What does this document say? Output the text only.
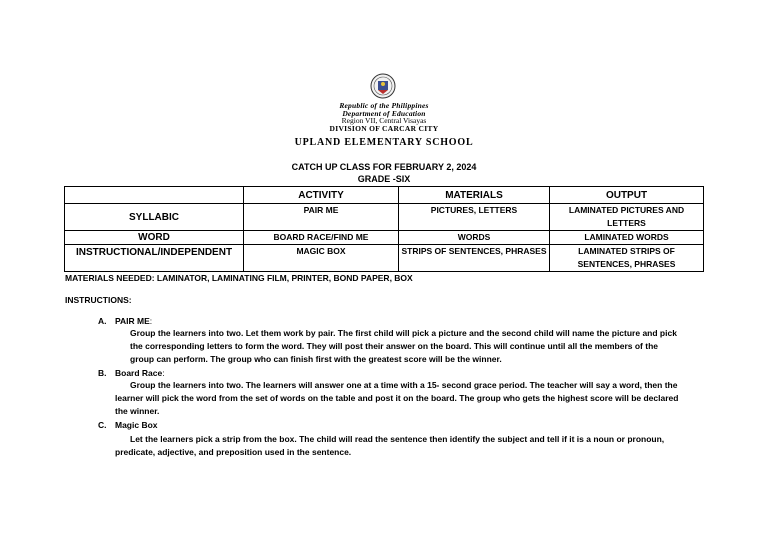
Republic of the Philippines
Department of Education
Region VII, Central Visayas
DIVISION OF CARCAR CITY
UPLAND ELEMENTARY SCHOOL
CATCH UP CLASS FOR FEBRUARY 2, 2024
GRADE -SIX
	ACTIVITY	MATERIALS	OUTPUT
SYLLABIC	PAIR ME	PICTURES, LETTERS	LAMINATED PICTURES AND LETTERS
WORD	BOARD RACE/FIND ME	WORDS	LAMINATED WORDS
INSTRUCTIONAL/INDEPENDENT	MAGIC BOX	STRIPS OF SENTENCES, PHRASES	LAMINATED STRIPS OF SENTENCES, PHRASES
MATERIALS NEEDED: LAMINATOR, LAMINATING FILM, PRINTER, BOND PAPER, BOX
INSTRUCTIONS:
A. PAIR ME:
Group the learners into two. Let them work by pair. The first child will pick a picture and the second child will name the picture and pick
the corresponding letters to form the word. They will post their answer on the board. This will continue until all the members of the
group can perform. The group who can finish first with the greatest score will be the winner.
B. Board Race:
Group the learners into two. The learners will answer one at a time with a 15- second grace period. The teacher will say a word, then the
learner will pick the word from the set of words on the table and post it on the board. The group who gets the highest score will be declared
the winner.
C. Magic Box
Let the learners pick a strip from the box. The child will read the sentence then identify the subject and tell if it is a noun or pronoun,
predicate, adjective, and preposition used in the sentence.
